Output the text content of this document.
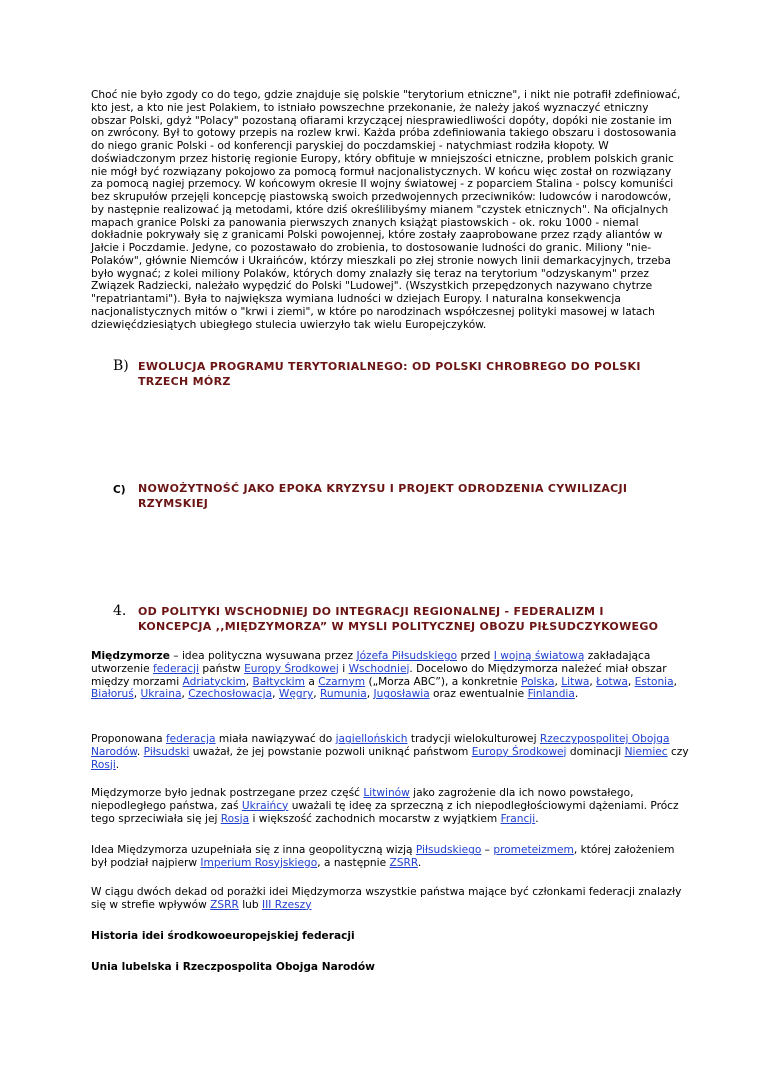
Choć nie było zgody co do tego, gdzie znajduje się polskie "terytorium etniczne", i nikt nie potrafił zdefiniować, kto jest, a kto nie jest Polakiem, to istniało powszechne przekonanie, że należy jakoś wyznaczyć etniczny obszar Polski, gdyż "Polacy" pozostaną ofiarami krzyczącej niesprawiedliwości dopóty, dopóki nie zostanie im on zwrócony. Był to gotowy przepis na rozlew krwi. Każda próba zdefiniowania takiego obszaru i dostosowania do niego granic Polski - od konferencji paryskiej do poczdamskiej - natychmiast rodziła kłopoty. W doświadczonym przez historię regionie Europy, który obfituje w mniejszości etniczne, problem polskich granic nie mógł być rozwiązany pokojowo za pomocą formuł nacjonalistycznych. W końcu więc został on rozwiązany za pomocą nagiej przemocy. W końcowym okresie II wojny światowej - z poparciem Stalina - polscy komuniści bez skrupułów przejęli koncepcję piastowską swoich przedwojennych przeciwników: ludowców i narodowców, by następnie realizować ją metodami, które dziś określilibyśmy mianem "czystek etnicznych". Na oficjalnych mapach granice Polski za panowania pierwszych znanych książąt piastowskich - ok. roku 1000 - niemal dokładnie pokrywały się z granicami Polski powojennej, które zostały zaaprobowane przez rządy aliantów w Jałcie i Poczdamie. Jedyne, co pozostawało do zrobienia, to dostosowanie ludności do granic. Miliony "nie-Polaków", głównie Niemców i Ukraińców, którzy mieszkali po złej stronie nowych linii demarkacyjnych, trzeba było wygnać; z kolei miliony Polaków, których domy znalazły się teraz na terytorium "odzyskanym" przez Związek Radziecki, należało wypędzić do Polski "Ludowej". (Wszystkich przepędzonych nazywano chytrze "repatriantami"). Była to największa wymiana ludności w dziejach Europy. I naturalna konsekwencja nacjonalistycznych mitów o "krwi i ziemi", w które po narodzinach współczesnej polityki masowej w latach dziewięćdziesiątych ubiegłego stulecia uwierzyło tak wielu Europejczyków.

B) EWOLUCJA PROGRAMU TERYTORIALNEGO: OD POLSKI CHROBREGO DO POLSKI TRZECH MÓRZ
C)	NOWOŻYTNOŚĆ JAKO EPOKA KRYZYSU I PROJEKT ODRODZENIA CYWILIZACJI RZYMSKIEJ
4.	OD POLITYKI WSCHODNIEJ DO INTEGRACJI REGIONALNEJ - FEDERALIZM I KONCEPCJA ,,MIĘDZYMORZA” W MYSLI POLITYCZNEJ OBOZU PIŁSUDCZYKOWEGO

Międzymorze – idea polityczna wysuwana przez Józefa Piłsudskiego przed I wojną światową zakładająca utworzenie federacji państw Europy Środkowej i Wschodniej. Docelowo do Międzymorza należeć miał obszar między morzami Adriatyckim, Bałtyckim a Czarnym („Morza ABC”), a konkretnie Polska, Litwa, Łotwa, Estonia, Białoruś, Ukraina, Czechosłowacja, Węgry, Rumunia, Jugosławia oraz ewentualnie Finlandia.

Proponowana federacja miała nawiązywać do jagiellońskich tradycji wielokulturowej Rzeczypospolitej Obojga Narodów. Piłsudski uważał, że jej powstanie pozwoli uniknąć państwom Europy Środkowej dominacji Niemiec czy Rosji.

Międzymorze było jednak postrzegane przez część Litwinów jako zagrożenie dla ich nowo powstałego, niepodległego państwa, zaś Ukraińcy uważali tę ideę za sprzeczną z ich niepodległościowymi dążeniami. Prócz tego sprzeciwiała się jej Rosja i większość zachodnich mocarstw z wyjątkiem Francji.

Idea Międzymorza uzupełniała się z inna geopolityczną wizją Piłsudskiego – prometeizmem, której założeniem był podział najpierw Imperium Rosyjskiego, a następnie ZSRR.

W ciągu dwóch dekad od porażki idei Międzymorza wszystkie państwa mające być członkami federacji znalazły się w strefie wpływów ZSRR lub III Rzeszy

Historia idei środkowoeuropejskiej federacji

Unia lubelska i Rzeczpospolita Obojga Narodów
